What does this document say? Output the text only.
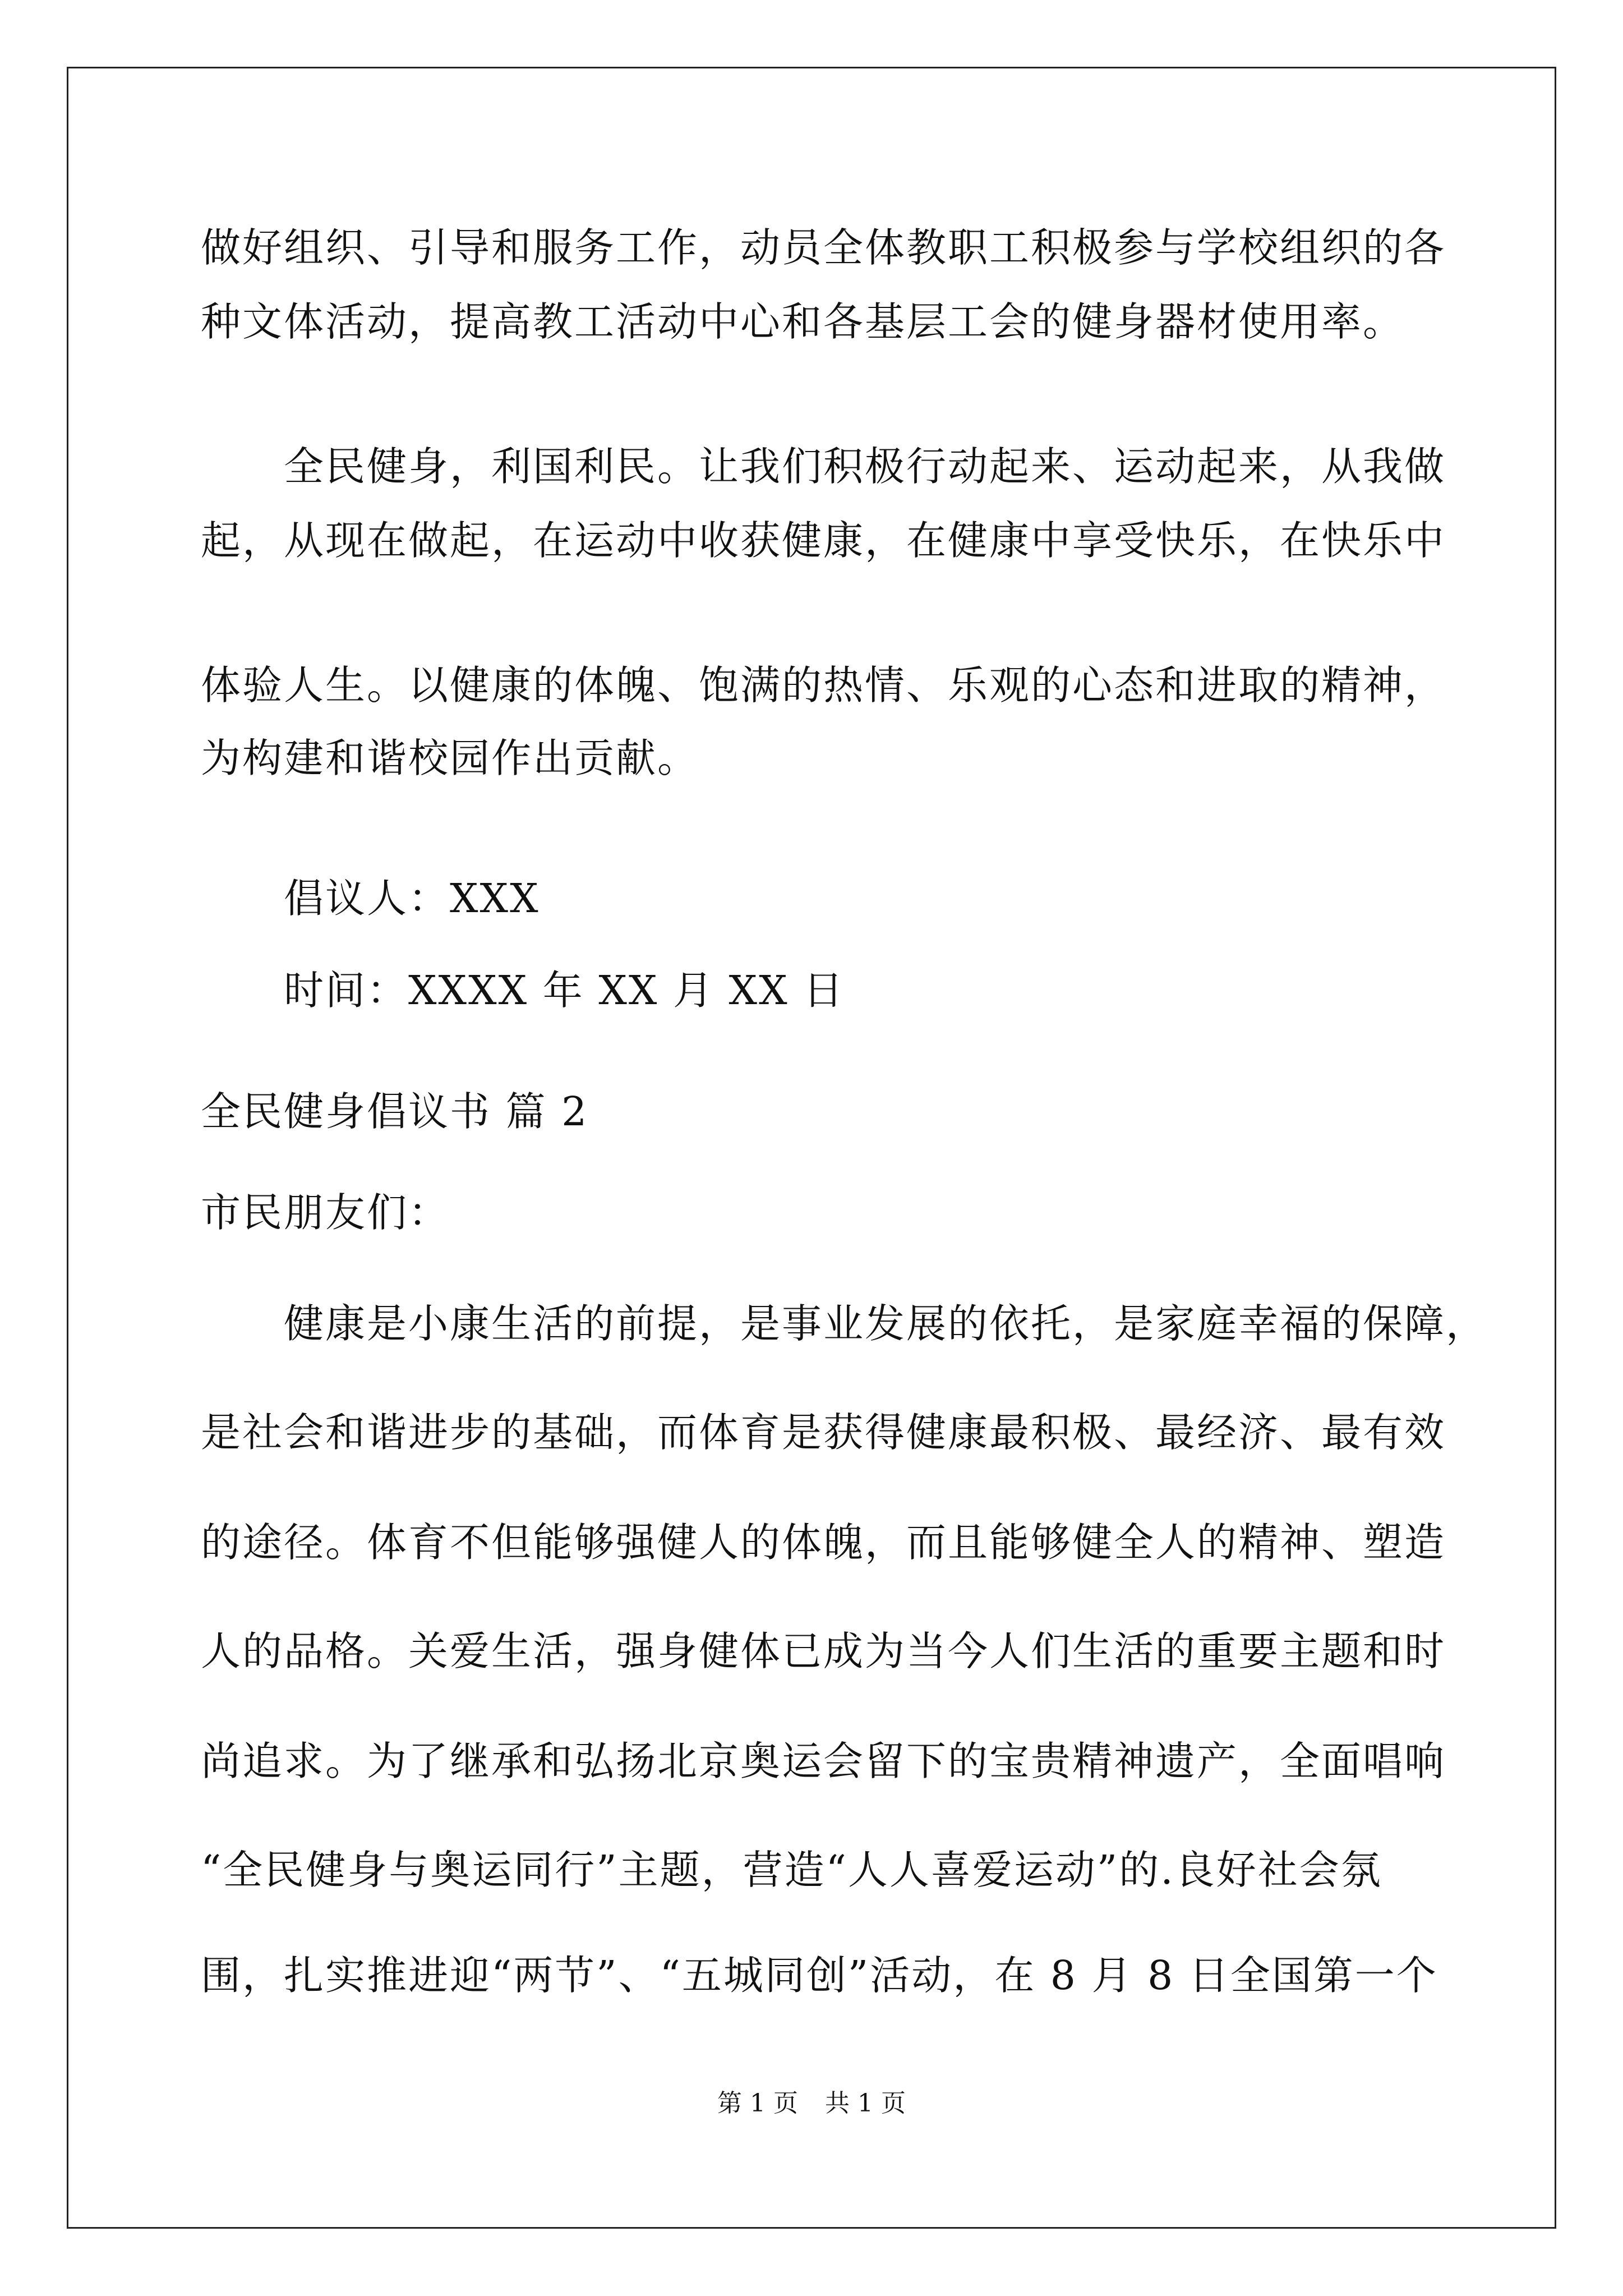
做好组织、引导和服务工作，动员全体教职工积极参与学校组织的各

种文体活动，提高教工活动中心和各基层工会的健身器材使用率。

　　全民健身，利国利民。让我们积极行动起来、运动起来，从我做

起，从现在做起，在运动中收获健康，在健康中享受快乐，在快乐中

体验人生。以健康的体魄、饱满的热情、乐观的心态和进取的精神，

为构建和谐校园作出贡献。

　　倡议人：XXX

　　时间：XXXX 年 XX 月 XX 日

全民健身倡议书 篇 2

市民朋友们：

　　健康是小康生活的前提，是事业发展的依托，是家庭幸福的保障，

是社会和谐进步的基础，而体育是获得健康最积极、最经济、最有效

的途径。体育不但能够强健人的体魄，而且能够健全人的精神、塑造

人的品格。关爱生活，强身健体已成为当今人们生活的重要主题和时

尚追求。为了继承和弘扬北京奥运会留下的宝贵精神遗产，全面唱响

“全民健身与奥运同行”主题，营造“人人喜爱运动”的.良好社会氛

围，扎实推进迎“两节”、“五城同创”活动，在 8 月 8 日全国第一个

第 1 页 共 1 页
